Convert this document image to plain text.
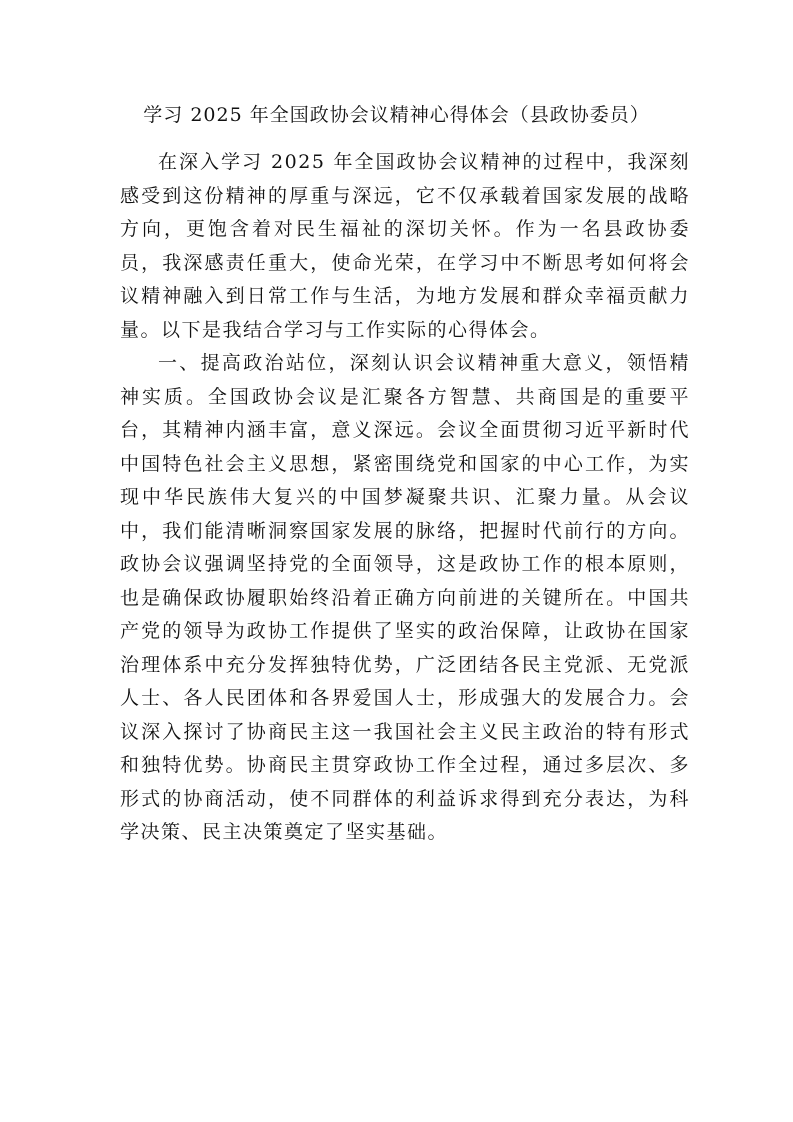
学习 2025 年全国政协会议精神心得体会（县政协委员）

在深入学习 2025 年全国政协会议精神的过程中，我深刻感受到这份精神的厚重与深远，它不仅承载着国家发展的战略方向，更饱含着对民生福祉的深切关怀。作为一名县政协委员，我深感责任重大，使命光荣，在学习中不断思考如何将会议精神融入到日常工作与生活，为地方发展和群众幸福贡献力量。以下是我结合学习与工作实际的心得体会。

一、提高政治站位，深刻认识会议精神重大意义，领悟精神实质。全国政协会议是汇聚各方智慧、共商国是的重要平台，其精神内涵丰富，意义深远。会议全面贯彻习近平新时代中国特色社会主义思想，紧密围绕党和国家的中心工作，为实现中华民族伟大复兴的中国梦凝聚共识、汇聚力量。从会议中，我们能清晰洞察国家发展的脉络，把握时代前行的方向。政协会议强调坚持党的全面领导，这是政协工作的根本原则，也是确保政协履职始终沿着正确方向前进的关键所在。中国共产党的领导为政协工作提供了坚实的政治保障，让政协在国家治理体系中充分发挥独特优势，广泛团结各民主党派、无党派人士、各人民团体和各界爱国人士，形成强大的发展合力。会议深入探讨了协商民主这一我国社会主义民主政治的特有形式和独特优势。协商民主贯穿政协工作全过程，通过多层次、多形式的协商活动，使不同群体的利益诉求得到充分表达，为科学决策、民主决策奠定了坚实基础。
